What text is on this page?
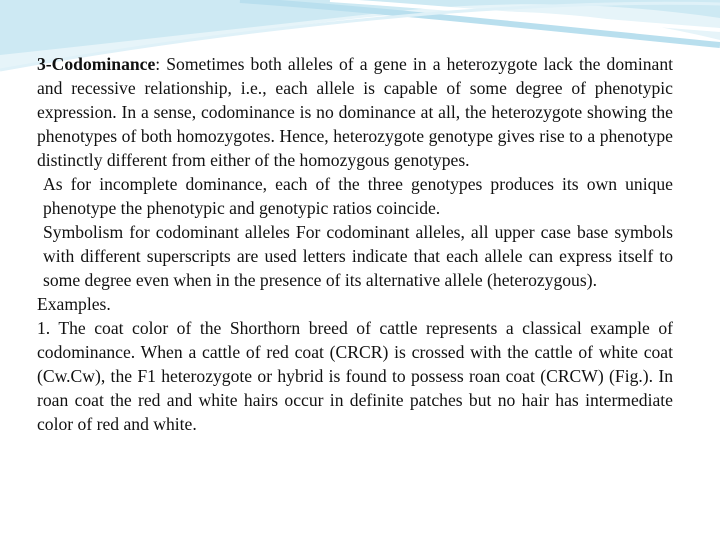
3-Codominance: Sometimes both alleles of a gene in a heterozygote lack the dominant and recessive relationship, i.e., each allele is capable of some degree of phenotypic expression. In a sense, codominance is no dominance at all, the heterozygote showing the phenotypes of both homozygotes. Hence, heterozygote genotype gives rise to a phenotype distinctly different from either of the homozygous genotypes.

As for incomplete dominance, each of the three genotypes produces its own unique phenotype the phenotypic and genotypic ratios coincide.

Symbolism for codominant alleles For codominant alleles, all upper case base symbols with different superscripts are used letters indicate that each allele can express itself to some degree even when in the presence of its alternative allele (heterozygous).

Examples.

1. The coat color of the Shorthorn breed of cattle represents a classical example of codominance. When a cattle of red coat (CRCR) is crossed with the cattle of white coat (Cw.Cw), the F1 heterozygote or hybrid is found to possess roan coat (CRCW) (Fig.). In roan coat the red and white hairs occur in definite patches but no hair has intermediate color of red and white.
